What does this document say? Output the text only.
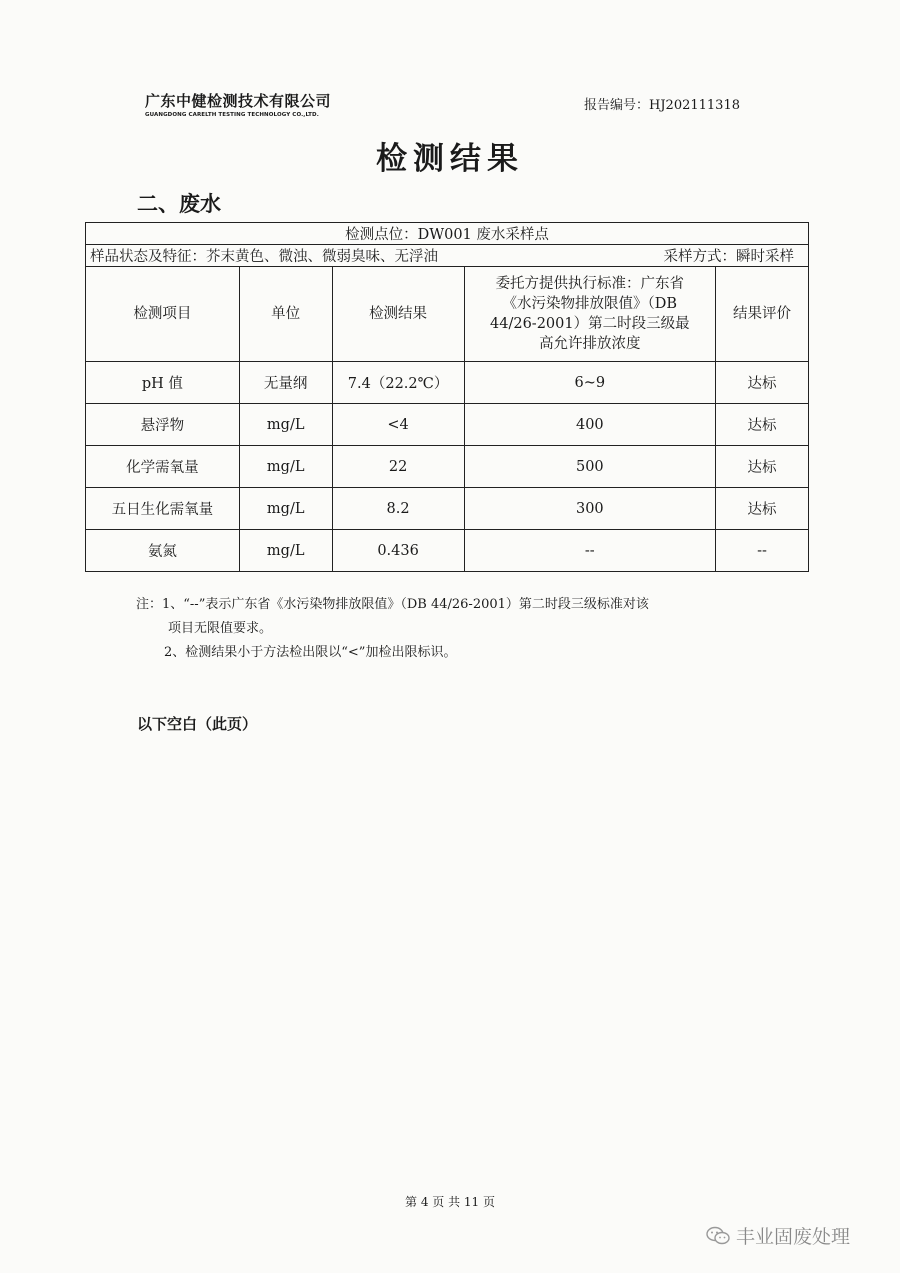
广东中健检测技术有限公司
GUANGDONG CARELTH TESTING TECHNOLOGY CO.,LTD.
报告编号：HJ202111318
检测结果
二、废水
检测点位：DW001 废水采样点				

样品状态及特征：芥末黄色、微浊、微弱臭味、无浮油 采样方式：瞬时采样				

检测项目	单位	检测结果	委托方提供执行标准：广东省
《水污染物排放限值》（DB
44/26-2001）第二时段三级最
高允许排放浓度	结果评价
pH 值	无量纲	7.4（22.2℃）	6~9	达标
悬浮物	mg/L	<4	400	达标
化学需氧量	mg/L	22	500	达标
五日生化需氧量	mg/L	8.2	300	达标
氨氮	mg/L	0.436	--	--
注：1、“--”表示广东省《水污染物排放限值》（DB 44/26-2001）第二时段三级标准对该
项目无限值要求。
2、检测结果小于方法检出限以“<”加检出限标识。
以下空白（此页）
第 4 页 共 11 页
丰业固废处理
